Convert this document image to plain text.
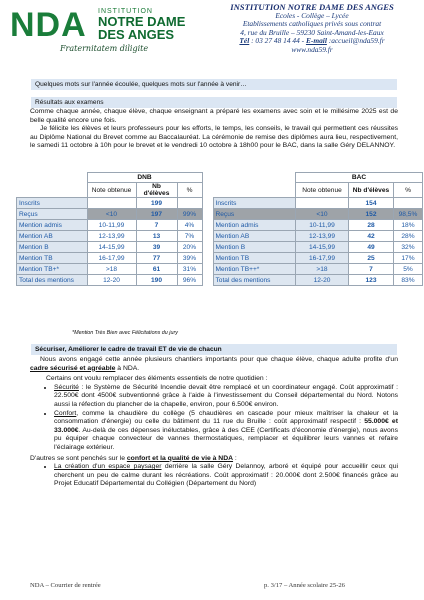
NDA INSTITUTION
NOTRE DAME
DES ANGES
Fraternitatem diligite
INSTITUTION NOTRE DAME DES ANGES
Ecoles - Collège – Lycée
Etablissements catholiques privés sous contrat
4, rue du Bruille – 59230 Saint-Amand-les-Eaux
Tél : 03 27 48 14 44 - E-mail :accueil@nda59.fr
www.nda59.fr
Quelques mots sur l'année écoulée, quelques mots sur l'année à venir…
Résultats aux examens

Comme chaque année, chaque élève, chaque enseignant a préparé les examens avec soin et le millésime 2025 est de belle qualité encore une fois.

Je félicite les élèves et leurs professeurs pour les efforts, le temps, les conseils, le travail qui permettent ces réussites au Diplôme National du Brevet comme au Baccalauréat. La cérémonie de remise des diplômes aura lieu, respectivement, le samedi 11 octobre à 10h pour le brevet et le vendredi 10 octobre à 18h00 pour le BAC, dans la salle Géry DELANNOY.

	DNB					BAC		
	Note obtenue	Nb d'élèves	%			Note obtenue	Nb d'élèves	%
Inscrits		199			Inscrits		154	
Reçus	<10	197	99%		Reçus	<10	152	98,5%
Mention admis	10-11,99	7	4%		Mention admis	10-11,99	28	18%
Mention AB	12-13,99	13	7%		Mention AB	12-13,99	42	28%
Mention B	14-15,99	39	20%		Mention B	14-15,99	49	32%
Mention TB	16-17,99	77	39%		Mention TB	16-17,99	25	17%
Mention TB+*	>18	61	31%		Mention TB++*	>18	7	5%
Total des mentions	12-20	190	96%		Total des mentions	12-20	123	83%
*Mention Très Bien avec Félicitations du jury
Sécuriser, Améliorer le cadre de travail ET de vie de chacun

Nous avons engagé cette année plusieurs chantiers importants pour que chaque élève, chaque adulte profite d'un cadre sécurisé et agréable à NDA.

Certains ont voulu remplacer des éléments essentiels de notre quotidien :

• Sécurité : le Système de Sécurité Incendie devait être remplacé et un coordinateur engagé. Coût approximatif : 22.500€ dont 4500€ subventionné grâce à l'aide à l'investissement du Conseil départemental du Nord. Notons aussi la réfection du plancher de la chapelle, environ, pour 6.500€ environ.
• Confort, comme la chaudière du collège (5 chaudières en cascade pour mieux maîtriser la chaleur et la consommation d'énergie) ou celle du bâtiment du 11 rue du Bruille : coût approximatif respectif : 55.000€ et 33.000€. Au-delà de ces dépenses inéluctables, grâce à des CEE (Certificats d'économie d'énergie), nous avons pu équiper chaque convecteur de vannes thermostatiques, remplacer et équilibrer leurs vannes et refaire l'éclairage extérieur.

D'autres se sont penchés sur le confort et la qualité de vie à NDA :

• La création d'un espace paysager derrière la salle Géry Delannoy, arboré et équipé pour accueillir ceux qui cherchent un peu de calme durant les récréations. Coût approximatif : 20.000€ dont 2.500€ financés grâce au Projet Educatif Départemental du Collégien (Département du Nord)
NDA – Courrier de rentrée	p. 3/17 – Année scolaire 25-26
